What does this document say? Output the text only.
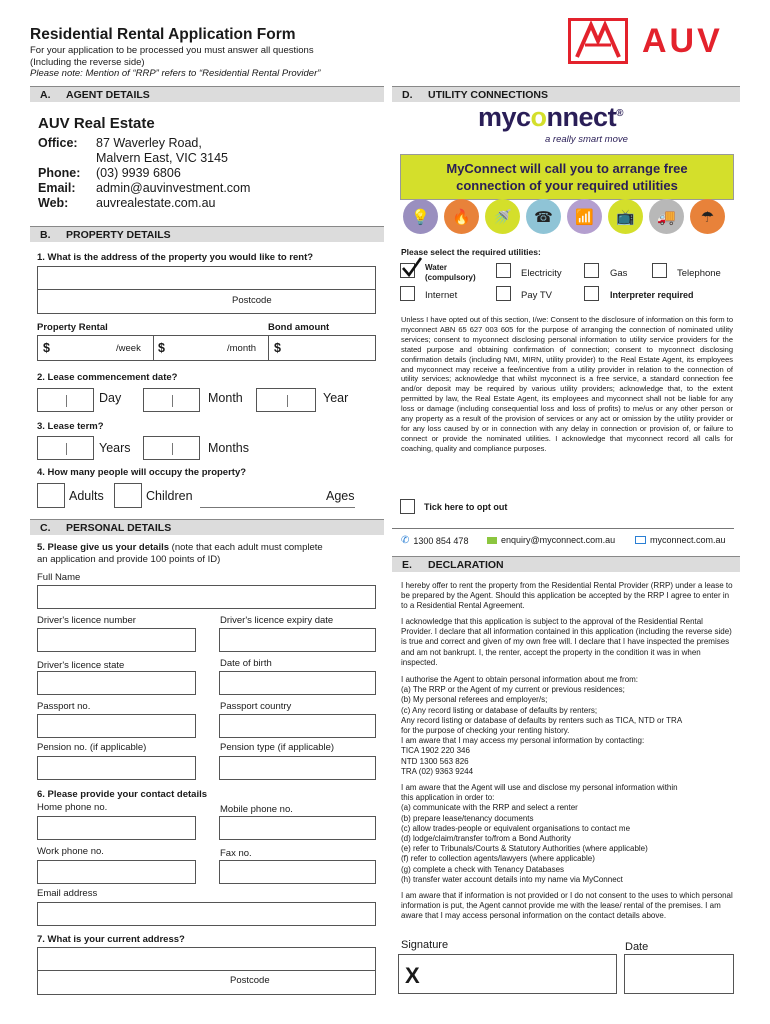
Residential Rental Application Form
For your application to be processed you must answer all questions
(Including the reverse side)
Please note: Mention of “RRP” refers to “Residential Rental Provider”
AUV
A.	AGENT DETAILS
AUV Real Estate
Office:	87 Waverley Road,
Malvern East, VIC 3145
Phone:	(03) 9939 6806
Email:	admin@auvinvestment.com
Web:	auvrealestate.com.au
B.	PROPERTY DETAILS
1. What is the address of the property you would like to rent?
Postcode
Property Rental	Bond amount
$	/week $	/month $
2. Lease commencement date?
Day	Month	Year
3. Lease term?
Years	Months
4. How many people will occupy the property?
Adults	Children	Ages
C.	PERSONAL DETAILS
5. Please give us your details (note that each adult must complete
an application and provide 100 points of ID)
Full Name
Driver's licence number	Driver's licence expiry date
Driver's licence state	Date of birth
Passport no.	Passport country
Pension no. (if applicable)	Pension type (if applicable)
6. Please provide your contact details
Home phone no.	Mobile phone no.
Work phone no.	Fax no.
Email address
7. What is your current address?
Postcode
D.	UTILITY CONNECTIONS
myconnect®
a really smart move
MyConnect will call you to arrange free
connection of your required utilities
💡	🔥	🚿	☎	📶	📺	🚚	☂
Please select the required utilities:
Water
(compulsory)	Electricity	Gas	Telephone
Internet	Pay TV	Interpreter required
Unless I have opted out of this section, I/we: Consent to the disclosure of information on this form to myconnect ABN 65 627 003 605 for the purpose of arranging the connection of nominated utility services; consent to myconnect disclosing personal information to utility service providers for the stated purpose and obtaining confirmation of connection; consent to myconnect disclosing confirmation details (including NMI, MIRN, utility provider) to the Real Estate Agent, its employees and myconnect may receive a fee/incentive from a utility provider in relation to the connection of utility services; acknowledge that whilst myconnect is a free service, a standard connection fee and/or deposit may be required by various utility providers; acknowledge that, to the extent permitted by law, the Real Estate Agent, its employees and myconnect shall not be liable for any loss or damage (including consequential loss and loss of profits) to me/us or any other person or any property as a result of the provision of services or any act or omission by the utility provider or for any loss caused by or in connection with any delay in connection or provision of, or failure to connect or provide the nominated utilities. I acknowledge that myconnect record all calls for coaching, quality and compliance purposes.
Tick here to opt out
✆ 1300 854 478	enquiry@myconnect.com.au	myconnect.com.au
E.	DECLARATION
I hereby offer to rent the property from the Residential Rental Provider (RRP) under a lease to be prepared by the Agent. Should this application be accepted by the RRP I agree to enter in to a Residential Rental Agreement.
I acknowledge that this application is subject to the approval of the Residential Rental Provider. I declare that all information contained in this application (including the reverse side) is true and correct and given of my own free will. I declare that I have inspected the premises and am not bankrupt. I, the renter, accept the property in the condition it was in when inspected.
I authorise the Agent to obtain personal information about me from:
(a) The RRP or the Agent of my current or previous residences;
(b) My personal referees and employer/s;
(c) Any record listing or database of defaults by renters;
Any record listing or database of defaults by renters such as TICA, NTD or TRA
for the purpose of checking your renting history.
I am aware that I may access my personal information by contacting:
TICA 1902 220 346
NTD 1300 563 826
TRA (02) 9363 9244
I am aware that the Agent will use and disclose my personal information within
this application in order to:
(a) communicate with the RRP and select a renter
(b) prepare lease/tenancy documents
(c) allow trades-people or equivalent organisations to contact me
(d) lodge/claim/transfer to/from a Bond Authority
(e) refer to Tribunals/Courts & Statutory Authorities (where applicable)
(f) refer to collection agents/lawyers (where applicable)
(g) complete a check with Tenancy Databases
(h) transfer water account details into my name via MyConnect
I am aware that if information is not provided or I do not consent to the uses to which personal information is put, the Agent cannot provide me with the lease/ rental of the premises. I am aware that I may access personal information on the contact details above.
Signature	Date
X
